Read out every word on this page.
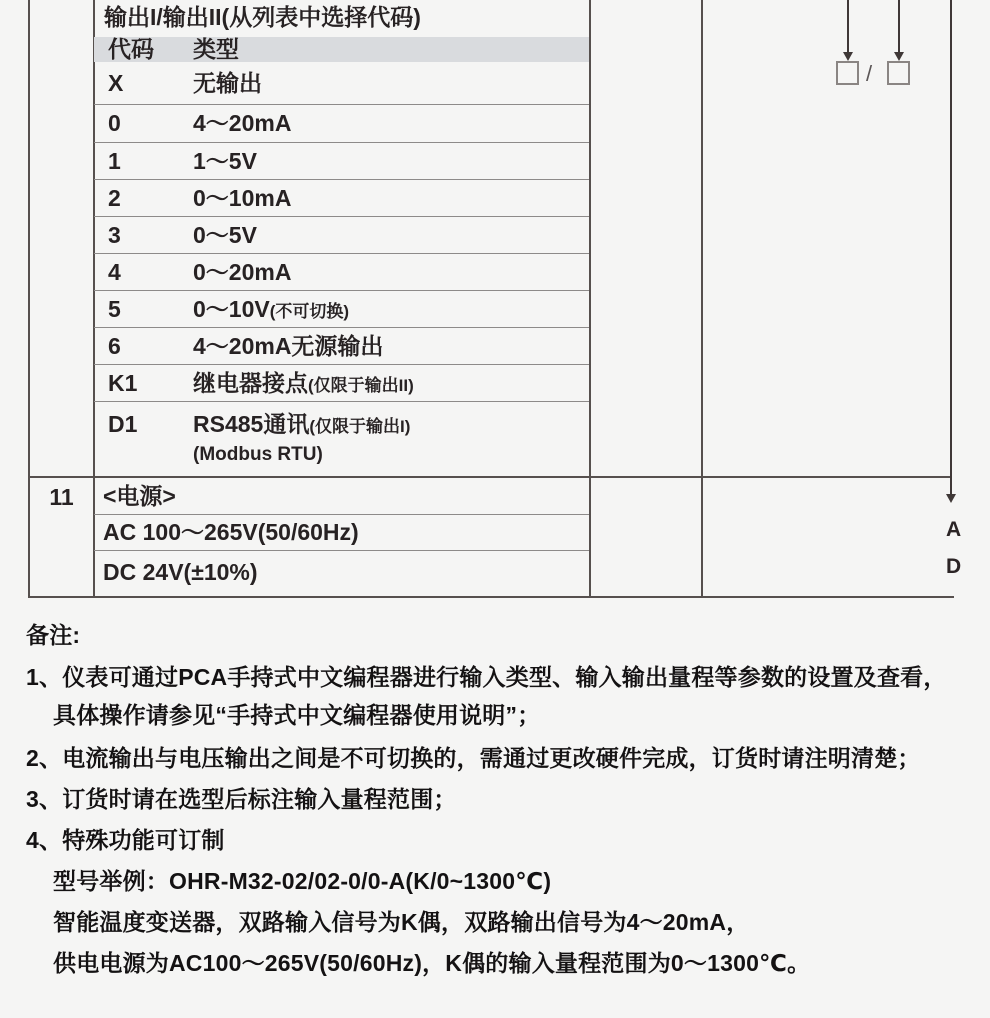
输出I/输出II(从列表中选择代码)
代码 类型
X	无输出
0	4～20mA
1	1～5V
2	0～10mA
3	0～5V
4	0～20mA
5	0～10V(不可切换)
6	4～20mA无源输出
K1 继电器接点(仅限于输出II)
D1 RS485通讯(仅限于输出I)
(Modbus RTU)
11	<电源>
AC 100～265V(50/60Hz)
DC 24V(±10%)
/
A
D
备注:
1、仪表可通过PCA手持式中文编程器进行输入类型、输入输出量程等参数的设置及查看，
具体操作请参见“手持式中文编程器使用说明”；
2、电流输出与电压输出之间是不可切换的，需通过更改硬件完成，订货时请注明清楚；
3、订货时请在选型后标注输入量程范围；
4、特殊功能可订制
型号举例：OHR-M32-02/02-0/0-A(K/0~1300℃)
智能温度变送器，双路输入信号为K偶，双路输出信号为4～20mA，
供电电源为AC100～265V(50/60Hz)，K偶的输入量程范围为0～1300℃。
